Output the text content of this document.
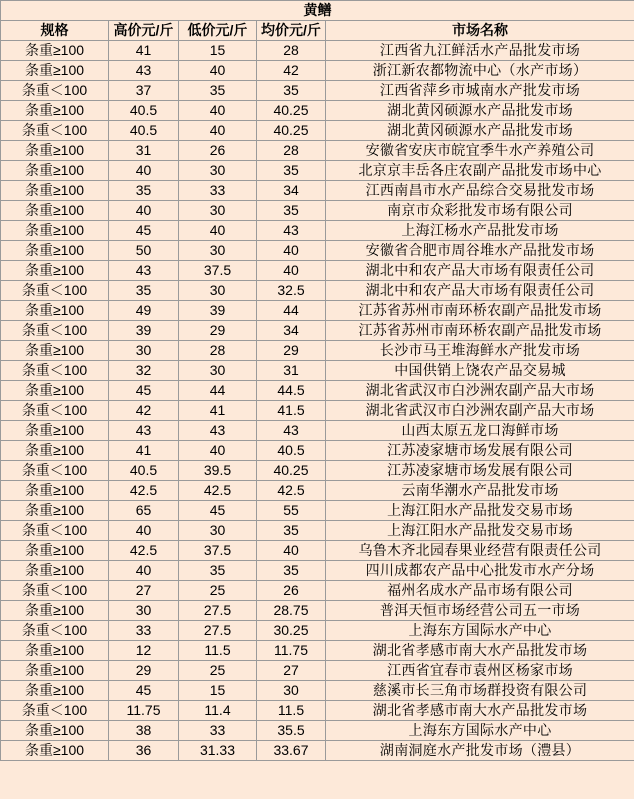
黄鳝				
规格	高价元/斤	低价元/斤	均价元/斤	市场名称
条重≥100	41	15	28	江西省九江鲜活水产品批发市场
条重≥100	43	40	42	浙江新农都物流中心（水产市场）
条重＜100	37	35	35	江西省萍乡市城南水产批发市场
条重≥100	40.5	40	40.25	湖北黄冈硕源水产品批发市场
条重＜100	40.5	40	40.25	湖北黄冈硕源水产品批发市场
条重≥100	31	26	28	安徽省安庆市皖宜季牛水产养殖公司
条重≥100	40	30	35	北京京丰岳各庄农副产品批发市场中心
条重≥100	35	33	34	江西南昌市水产品综合交易批发市场
条重≥100	40	30	35	南京市众彩批发市场有限公司
条重≥100	45	40	43	上海江杨水产品批发市场
条重≥100	50	30	40	安徽省合肥市周谷堆水产品批发市场
条重≥100	43	37.5	40	湖北中和农产品大市场有限责任公司
条重＜100	35	30	32.5	湖北中和农产品大市场有限责任公司
条重≥100	49	39	44	江苏省苏州市南环桥农副产品批发市场
条重＜100	39	29	34	江苏省苏州市南环桥农副产品批发市场
条重≥100	30	28	29	长沙市马王堆海鲜水产批发市场
条重＜100	32	30	31	中国供销上饶农产品交易城
条重≥100	45	44	44.5	湖北省武汉市白沙洲农副产品大市场
条重＜100	42	41	41.5	湖北省武汉市白沙洲农副产品大市场
条重≥100	43	43	43	山西太原五龙口海鲜市场
条重≥100	41	40	40.5	江苏凌家塘市场发展有限公司
条重＜100	40.5	39.5	40.25	江苏凌家塘市场发展有限公司
条重≥100	42.5	42.5	42.5	云南华潮水产品批发市场
条重≥100	65	45	55	上海江阳水产品批发交易市场
条重＜100	40	30	35	上海江阳水产品批发交易市场
条重≥100	42.5	37.5	40	乌鲁木齐北园春果业经营有限责任公司
条重≥100	40	35	35	四川成都农产品中心批发市水产分场
条重＜100	27	25	26	福州名成水产品市场有限公司
条重≥100	30	27.5	28.75	普洱天恒市场经营公司五一市场
条重＜100	33	27.5	30.25	上海东方国际水产中心
条重≥100	12	11.5	11.75	湖北省孝感市南大水产品批发市场
条重≥100	29	25	27	江西省宜春市袁州区杨家市场
条重≥100	45	15	30	慈溪市长三角市场群投资有限公司
条重＜100	11.75	11.4	11.5	湖北省孝感市南大水产品批发市场
条重≥100	38	33	35.5	上海东方国际水产中心
条重≥100	36	31.33	33.67	湖南洞庭水产批发市场（澧县）
